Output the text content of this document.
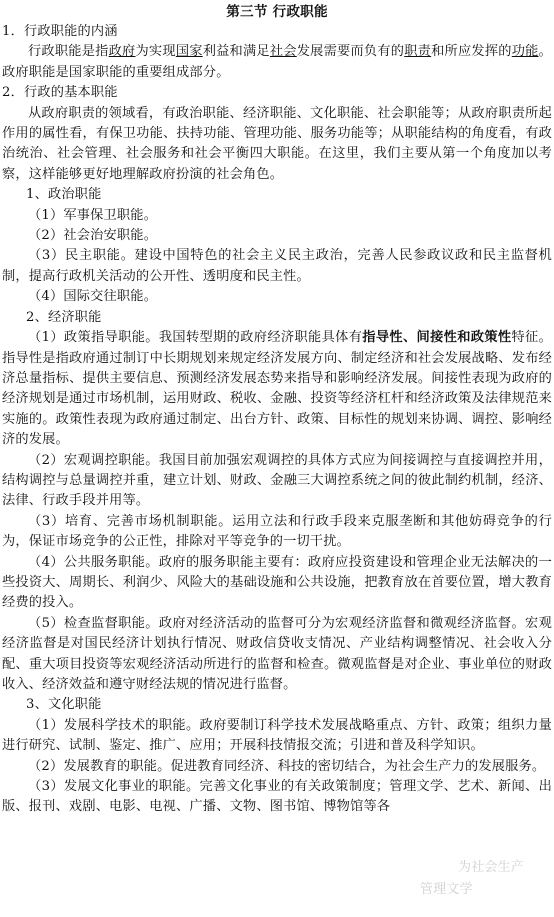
第三节 行政职能

1．行政职能的内涵

行政职能是指政府为实现国家利益和满足社会发展需要而负有的职责和所应发挥的功能。政府职能是国家职能的重要组成部分。

2．行政的基本职能

从政府职责的领域看，有政治职能、经济职能、文化职能、社会职能等；从政府职责所起作用的属性看，有保卫功能、扶持功能、管理功能、服务功能等；从职能结构的角度看，有政治统治、社会管理、社会服务和社会平衡四大职能。在这里，我们主要从第一个角度加以考察，这样能够更好地理解政府扮演的社会角色。

1、政治职能

（1）军事保卫职能。

（2）社会治安职能。

（3）民主职能。建设中国特色的社会主义民主政治，完善人民参政议政和民主监督机制，提高行政机关活动的公开性、透明度和民主性。

（4）国际交往职能。

2、经济职能

（1）政策指导职能。我国转型期的政府经济职能具体有指导性、间接性和政策性特征。指导性是指政府通过制订中长期规划来规定经济发展方向、制定经济和社会发展战略、发布经济总量指标、提供主要信息、预测经济发展态势来指导和影响经济发展。间接性表现为政府的经济规划是通过市场机制，运用财政、税收、金融、投资等经济杠杆和经济政策及法律规范来实施的。政策性表现为政府通过制定、出台方针、政策、目标性的规划来协调、调控、影响经济的发展。

（2）宏观调控职能。我国目前加强宏观调控的具体方式应为间接调控与直接调控并用，结构调控与总量调控并重，建立计划、财政、金融三大调控系统之间的彼此制约机制，经济、法律、行政手段并用等。

（3）培育、完善市场机制职能。运用立法和行政手段来克服垄断和其他妨碍竞争的行为，保证市场竞争的公正性，排除对平等竞争的一切干扰。

（4）公共服务职能。政府的服务职能主要有：政府应投资建设和管理企业无法解决的一些投资大、周期长、利润少、风险大的基础设施和公共设施，把教育放在首要位置，增大教育经费的投入。

（5）检查监督职能。政府对经济活动的监督可分为宏观经济监督和微观经济监督。宏观经济监督是对国民经济计划执行情况、财政信贷收支情况、产业结构调整情况、社会收入分配、重大项目投资等宏观经济活动所进行的监督和检查。微观监督是对企业、事业单位的财政收入、经济效益和遵守财经法规的情况进行监督。

3、文化职能

（1）发展科学技术的职能。政府要制订科学技术发展战略重点、方针、政策；组织力量进行研究、试制、鉴定、推广、应用；开展科技情报交流；引进和普及科学知识。

（2）发展教育的职能。促进教育同经济、科技的密切结合，为社会生产力的发展服务。

（3）发展文化事业的职能。完善文化事业的有关政策制度；管理文学、艺术、新闻、出版、报刊、戏剧、电影、电视、广播、文物、图书馆、博物馆等各

为社会生产
管理文学
